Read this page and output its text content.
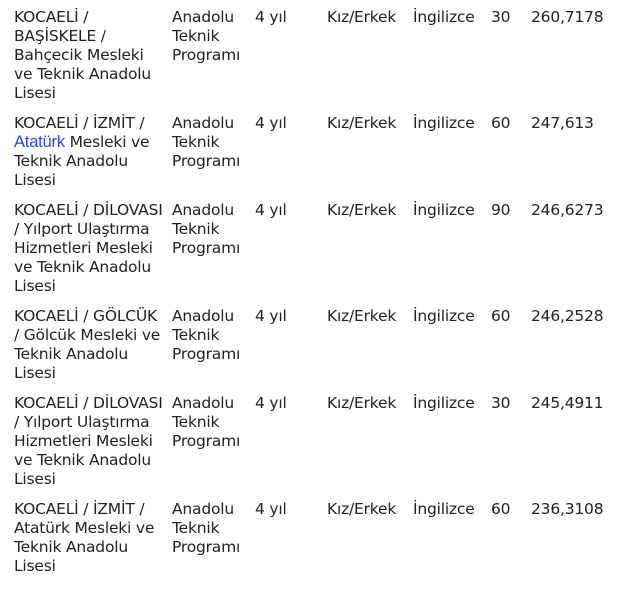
KOCAELİ / BAŞİSKELE / Bahçecik Mesleki ve Teknik Anadolu Lisesi	Anadolu Teknik Programı	4 yıl	Kız/Erkek	İngilizce	30	260,7178
KOCAELİ / İZMİT / Atatürk Mesleki ve Teknik Anadolu Lisesi	Anadolu Teknik Programı	4 yıl	Kız/Erkek	İngilizce	60	247,613
KOCAELİ / DİLOVASI / Yılport Ulaştırma Hizmetleri Mesleki ve Teknik Anadolu Lisesi	Anadolu Teknik Programı	4 yıl	Kız/Erkek	İngilizce	90	246,6273
KOCAELİ / GÖLCÜK / Gölcük Mesleki ve Teknik Anadolu Lisesi	Anadolu Teknik Programı	4 yıl	Kız/Erkek	İngilizce	60	246,2528
KOCAELİ / DİLOVASI / Yılport Ulaştırma Hizmetleri Mesleki ve Teknik Anadolu Lisesi	Anadolu Teknik Programı	4 yıl	Kız/Erkek	İngilizce	30	245,4911
KOCAELİ / İZMİT / Atatürk Mesleki ve Teknik Anadolu Lisesi	Anadolu Teknik Programı	4 yıl	Kız/Erkek	İngilizce	60	236,3108
